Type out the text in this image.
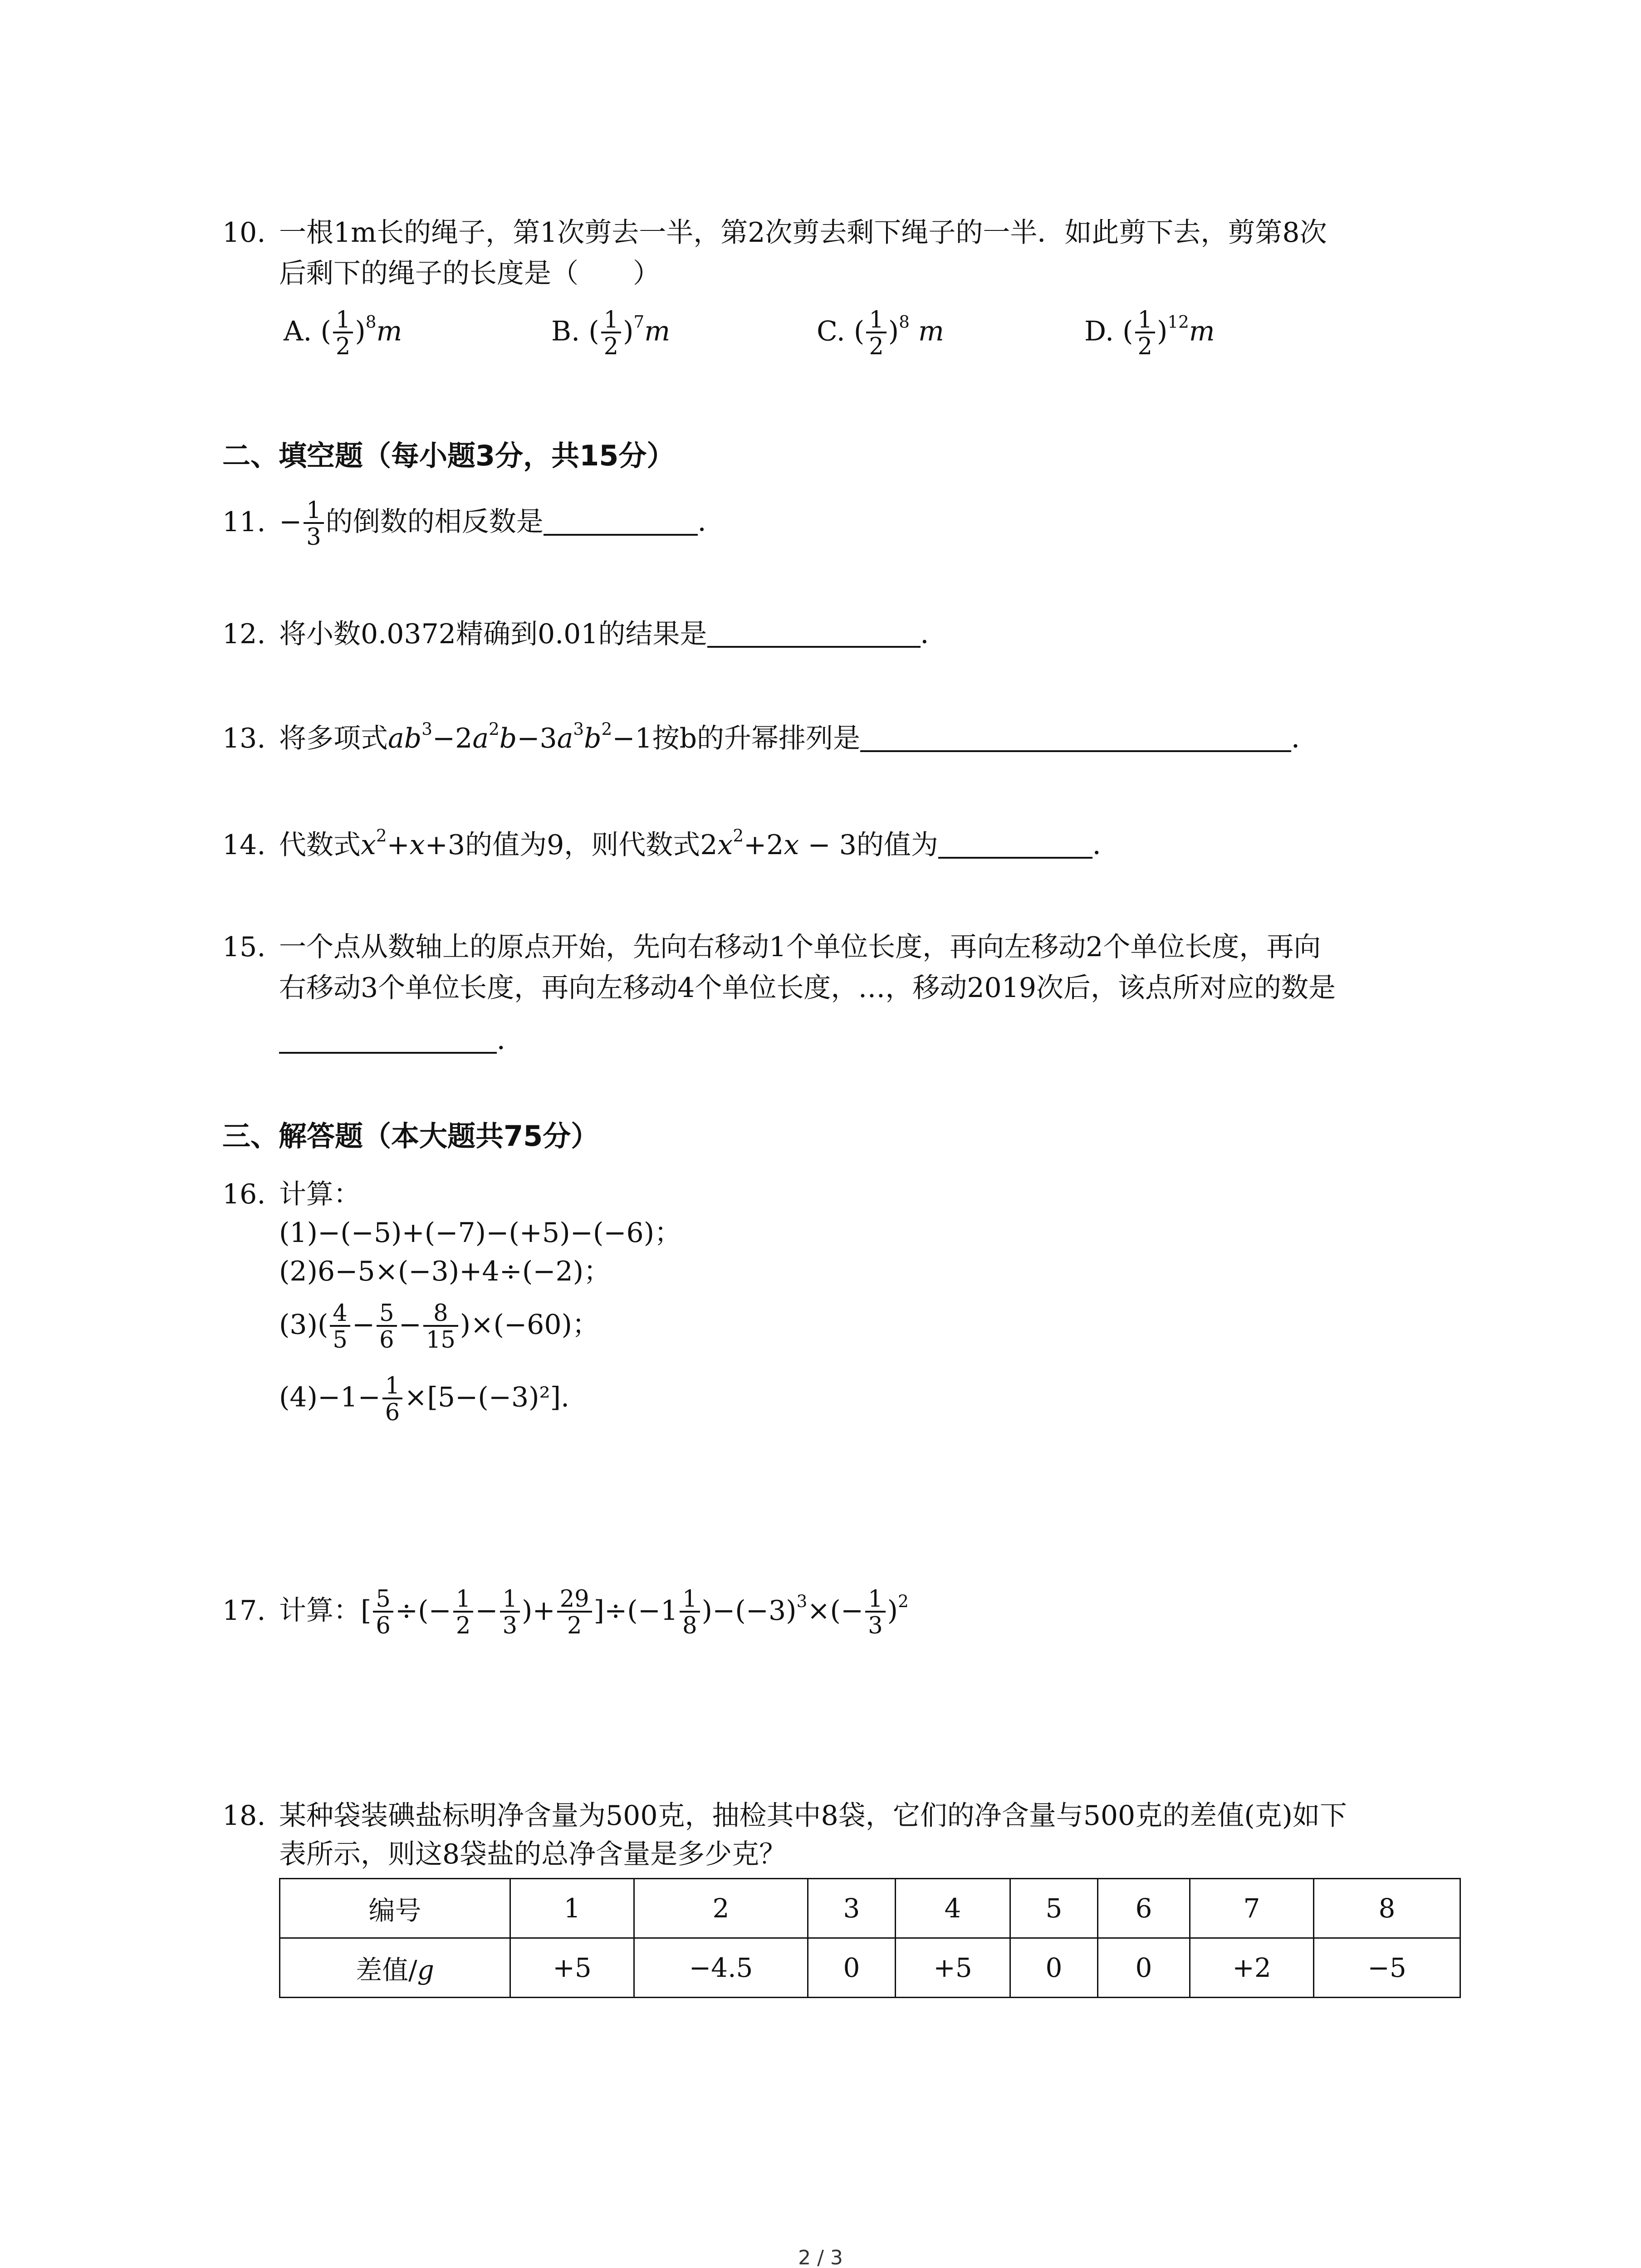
10. 一根1m长的绳子，第1次剪去一半，第2次剪去剩下绳子的一半．如此剪下去，剪第8次
后剩下的绳子的长度是（　　）
A. ( $\frac{1}{2} )^8m$	B. ( $\frac{1}{2} )^7m$	C. ( $\frac{1}{2} )^8$ m	D. ( $\frac{1}{2} )^{12}m$
二、填空题（每小题3分，共15分）
11. − $\frac{1}{3}$ 的倒数的相反数是	．
12. 将小数0.0372精确到0.01的结果是	．
13. 将多项式$ab^3-2a^2b-3a^3b^2-1$按b的升幂排列是	．
14. 代数式$x^2+x+3$的值为9，则代数式$2x^2+2x - 3$的值为	．
15. 一个点从数轴上的原点开始，先向右移动1个单位长度，再向左移动2个单位长度，再向
右移动3个单位长度，再向左移动4个单位长度，…，移动2019次后，该点所对应的数是
．
三、解答题（本大题共75分）
16. 计算：
(1)−(−5)+(−7)−(+5)−(−6)；
(2)6−5×(−3)+4÷(−2)；
$(3)( \frac{4}{5} - \frac{5}{6} - \frac{8}{15} )\times(-60)$；
$(4)-1- \frac{1}{6} \times[5-(-3)^2]$.
17. 计算：[ $\frac{5}{6}$ ÷(− $\frac{1}{2} - \frac{1}{3}$ )+ $\frac{29}{2} ]\div(-1 \frac{1}{8} )-(-3)^3\times(- \frac{1}{3} )^2$
18. 某种袋装碘盐标明净含量为500克，抽检其中8袋，它们的净含量与500克的差值(克)如下
表所示，则这8袋盐的总净含量是多少克？
编号	1	2	3	4	5	6	7	8
差值/g	+5	−4.5	0	+5	0	0	+2	−5
2 / 3
